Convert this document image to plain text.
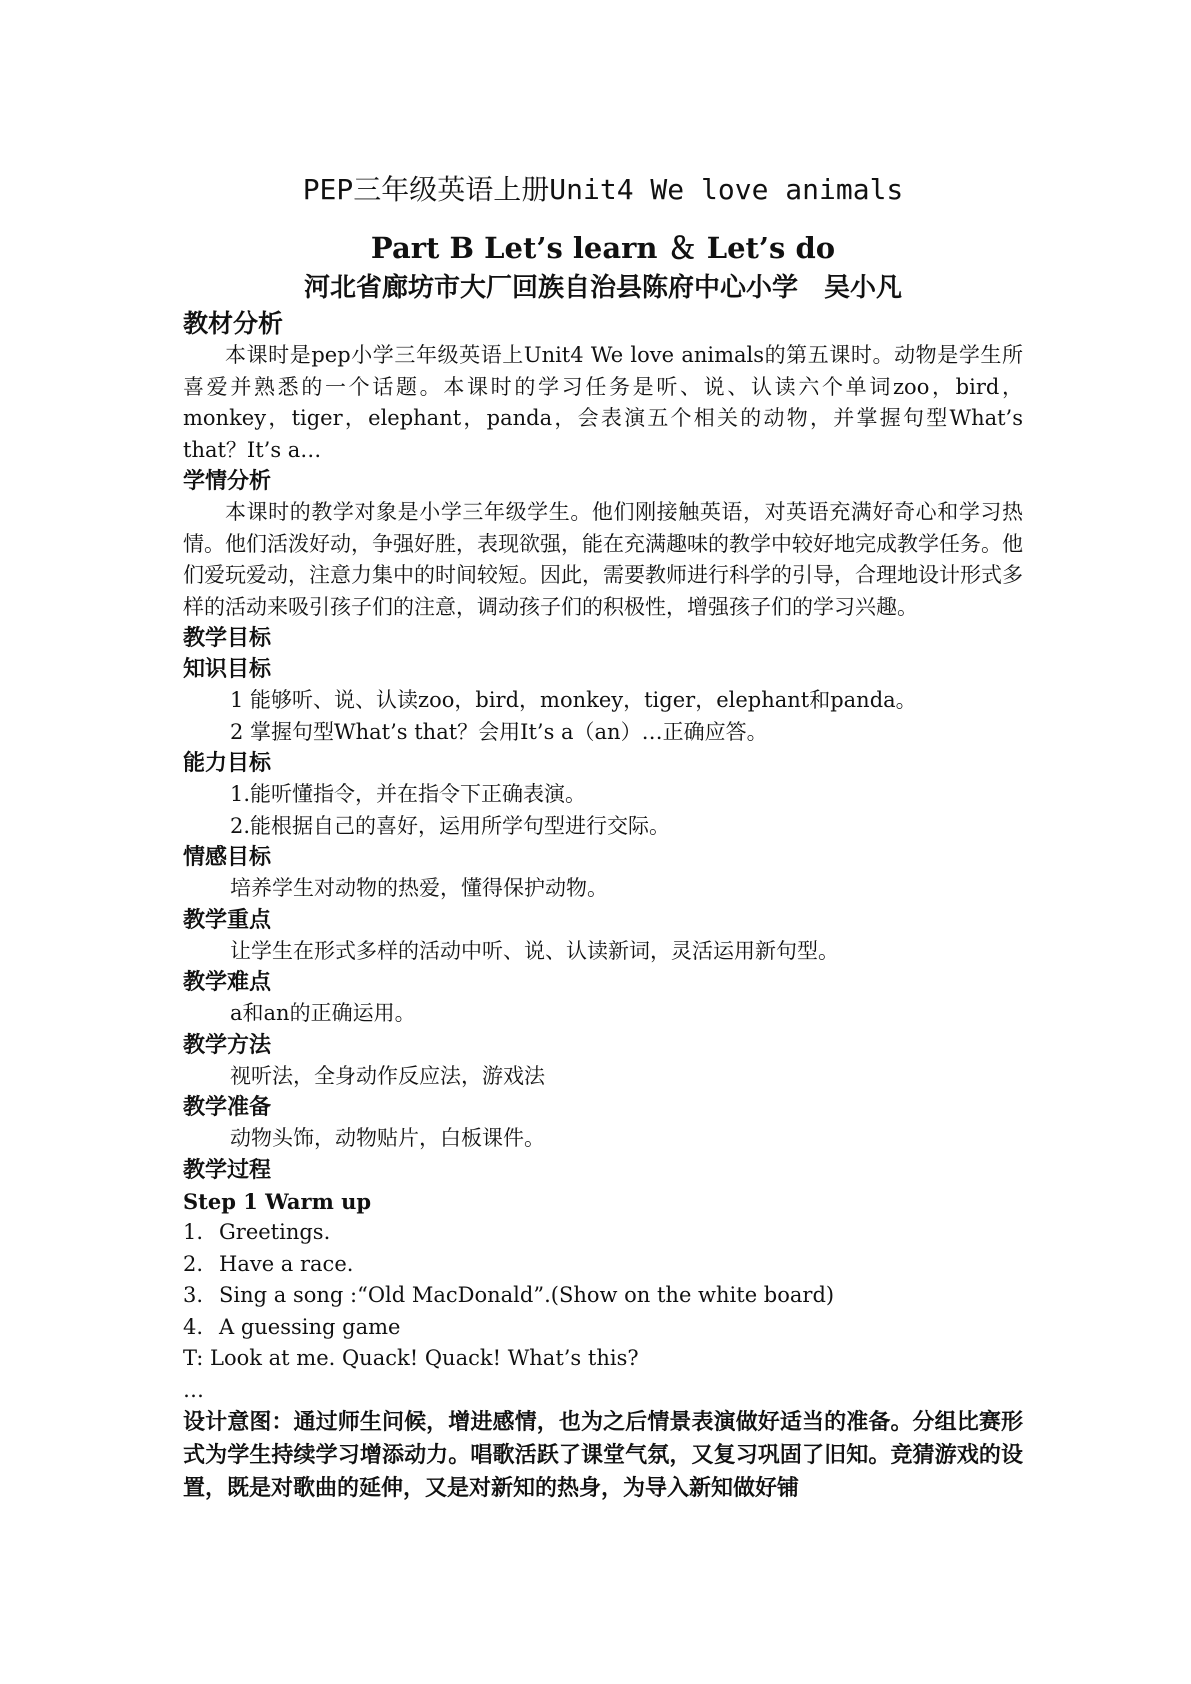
PEP三年级英语上册Unit4 We love animals
Part B Let’s learn ＆ Let’s do
河北省廊坊市大厂回族自治县陈府中心小学　吴小凡
教材分析

本课时是pep小学三年级英语上Unit4 We love animals的第五课时。动物是学生所喜爱并熟悉的一个话题。本课时的学习任务是听、说、认读六个单词zoo，bird，monkey，tiger，elephant，panda，会表演五个相关的动物，并掌握句型What’s that？It’s a…

学情分析

本课时的教学对象是小学三年级学生。他们刚接触英语，对英语充满好奇心和学习热情。他们活泼好动，争强好胜，表现欲强，能在充满趣味的教学中较好地完成教学任务。他们爱玩爱动，注意力集中的时间较短。因此，需要教师进行科学的引导，合理地设计形式多样的活动来吸引孩子们的注意，调动孩子们的积极性，增强孩子们的学习兴趣。

教学目标
知识目标

1 能够听、说、认读zoo，bird，monkey，tiger，elephant和panda。

2 掌握句型What’s that？会用It’s a（an）…正确应答。

能力目标

1.能听懂指令，并在指令下正确表演。

2.能根据自己的喜好，运用所学句型进行交际。

情感目标

培养学生对动物的热爱，懂得保护动物。

教学重点

让学生在形式多样的活动中听、说、认读新词，灵活运用新句型。

教学难点

a和an的正确运用。

教学方法

视听法，全身动作反应法，游戏法

教学准备

动物头饰，动物贴片，白板课件。

教学过程

Step 1 Warm up

1. Greetings.
2. Have a race.
3. Sing a song :“Old MacDonald”.(Show on the white board)
4. A guessing game

T: Look at me. Quack! Quack! What’s this?

…

设计意图：通过师生问候，增进感情，也为之后情景表演做好适当的准备。分组比赛形式为学生持续学习增添动力。唱歌活跃了课堂气氛，又复习巩固了旧知。竞猜游戏的设置，既是对歌曲的延伸，又是对新知的热身，为导入新知做好铺
